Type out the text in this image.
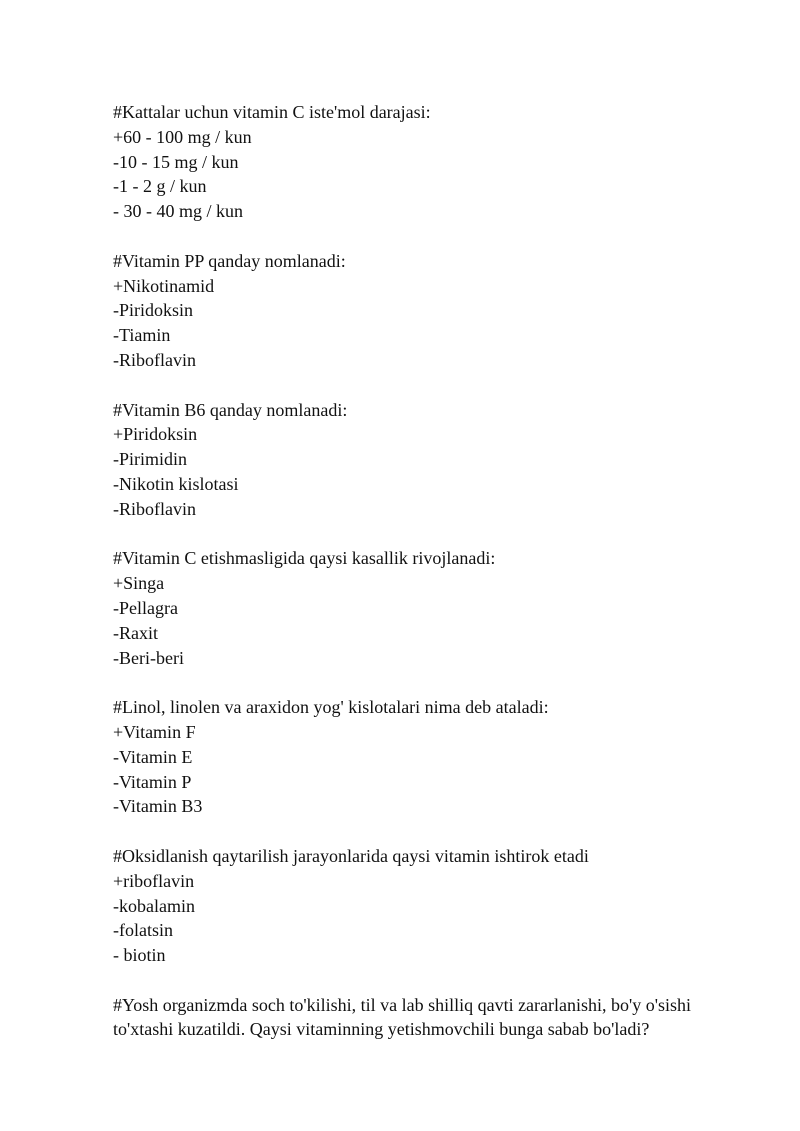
#Kattalar uchun vitamin C iste'mol darajasi:
+60 - 100 mg / kun
-10 - 15 mg / kun
-1 - 2 g / kun
- 30 - 40 mg / kun
#Vitamin PP qanday nomlanadi:
+Nikotinamid
-Piridoksin
-Tiamin
-Riboflavin
#Vitamin B6 qanday nomlanadi:
+Piridoksin
-Pirimidin
-Nikotin kislotasi
-Riboflavin
#Vitamin C etishmasligida qaysi kasallik rivojlanadi:
+Singa
-Pellagra
-Raxit
-Beri-beri
#Linol, linolen va araxidon yog' kislotalari nima deb ataladi:
+Vitamin F
-Vitamin E
-Vitamin P
-Vitamin B3
#Oksidlanish qaytarilish jarayonlarida qaysi vitamin ishtirok etadi
+riboflavin
-kobalamin
-folatsin
- biotin
#Yosh organizmda soch to'kilishi, til va lab shilliq qavti zararlanishi, bo'y o'sishi to'xtashi kuzatildi. Qaysi vitaminning yetishmovchili bunga sabab bo'ladi?
